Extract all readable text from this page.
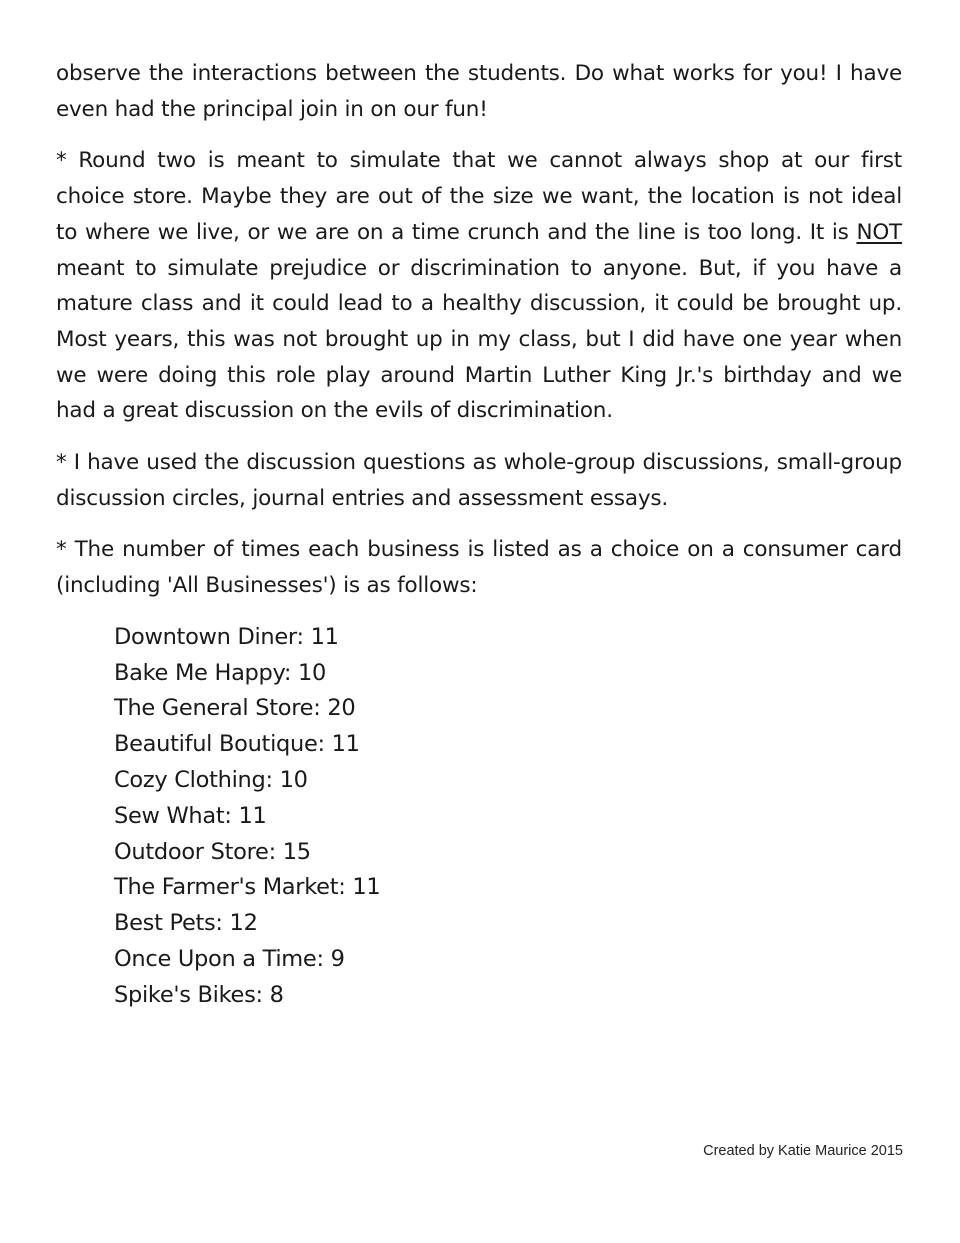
observe the interactions between the students. Do what works for you! I have even had the principal join in on our fun!

* Round two is meant to simulate that we cannot always shop at our first choice store. Maybe they are out of the size we want, the location is not ideal to where we live, or we are on a time crunch and the line is too long. It is NOT meant to simulate prejudice or discrimination to anyone. But, if you have a mature class and it could lead to a healthy discussion, it could be brought up. Most years, this was not brought up in my class, but I did have one year when we were doing this role play around Martin Luther King Jr.'s birthday and we had a great discussion on the evils of discrimination.

* I have used the discussion questions as whole-group discussions, small-group discussion circles, journal entries and assessment essays.

* The number of times each business is listed as a choice on a consumer card (including 'All Businesses') is as follows:

Downtown Diner: 11
Bake Me Happy: 10
The General Store: 20
Beautiful Boutique: 11
Cozy Clothing: 10
Sew What: 11
Outdoor Store: 15
The Farmer's Market: 11
Best Pets: 12
Once Upon a Time: 9
Spike's Bikes: 8
Created by Katie Maurice 2015
